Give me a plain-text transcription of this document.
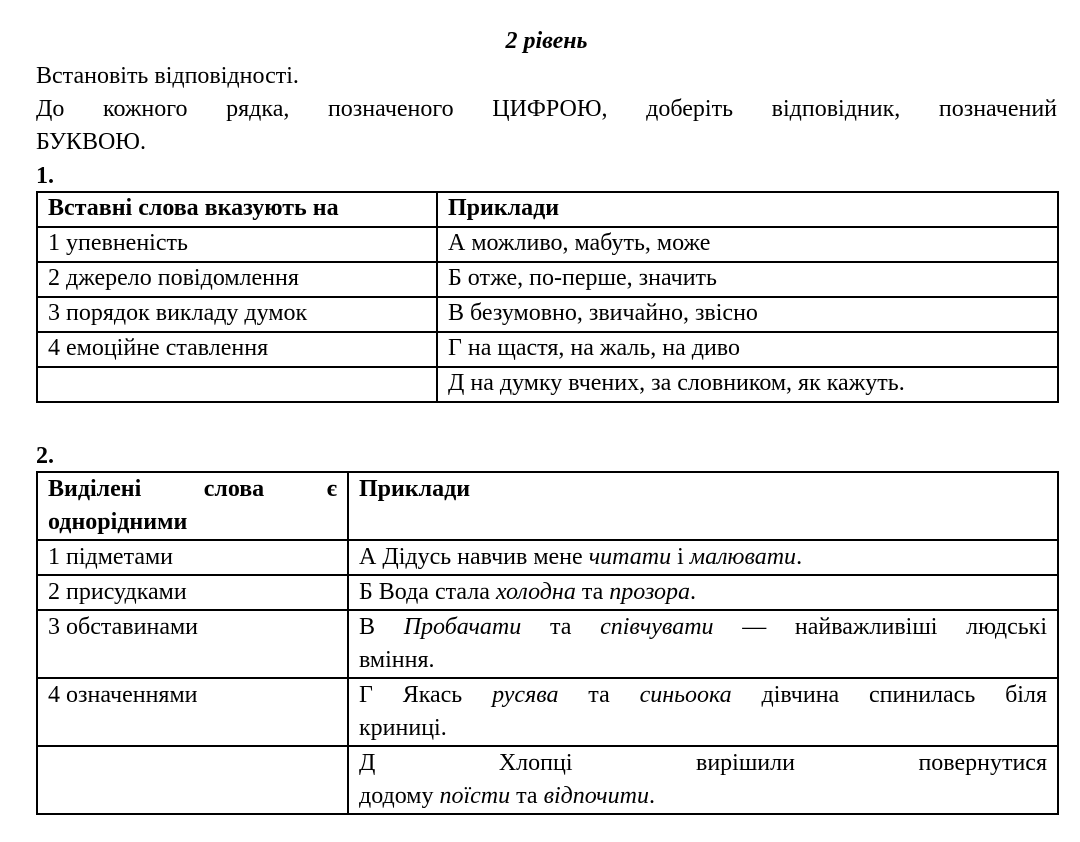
2 рівень
Встановіть відповідності.
До кожного рядка, позначеного ЦИФРОЮ, доберіть відповідник, позначений
БУКВОЮ.
1.
Вставні слова вказують на	Приклади
1 упевненість	А можливо, мабуть, може
2 джерело повідомлення	Б отже, по-перше, значить
3 порядок викладу думок	В безумовно, звичайно, звісно
4 емоційне ставлення	Г на щастя, на жаль, на диво
	Д на думку вчених, за словником, як кажуть.
2.
Виділені слова є
однорідними	Приклади
1 підметами	А Дідусь навчив мене читати і малювати.
2 присудками	Б Вода стала холодна та прозора.
3 обставинами	В Пробачати та співчувати — найважливіші людські
вміння.

4 означеннями	Г Якась русява та синьоока дівчина спинилась біля
криниці.

	Д Хлопці вирішили повернутися
додому поїсти та відпочити.
